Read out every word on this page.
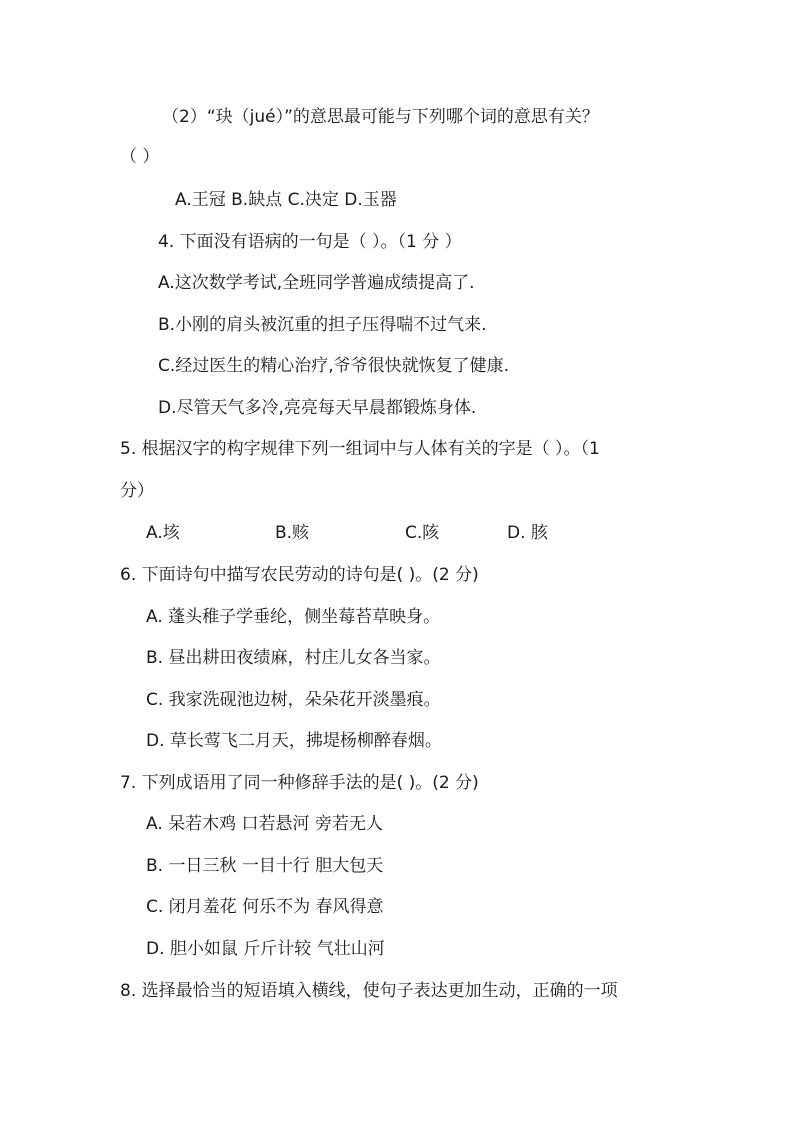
（2）“玦（jué）”的意思最可能与下列哪个词的意思有关？
（ ）
A.王冠 B.缺点 C.决定 D.玉器
4. 下面没有语病的一句是（ ）。（1 分 ）
A.这次数学考试,全班同学普遍成绩提高了.
B.小刚的肩头被沉重的担子压得喘不过气来.
C.经过医生的精心治疗,爷爷很快就恢复了健康.
D.尽管天气多冷,亮亮每天早晨都锻炼身体.
5. 根据汉字的构字规律下列一组词中与人体有关的字是（ ）。（1
分）
A.垓	B.赅	C.陔	D. 胲
6. 下面诗句中描写农民劳动的诗句是( )。(2 分)
A. 蓬头稚子学垂纶，侧坐莓苔草映身。
B. 昼出耕田夜绩麻，村庄儿女各当家。
C. 我家洗砚池边树，朵朵花开淡墨痕。
D. 草长莺飞二月天，拂堤杨柳醉春烟。
7. 下列成语用了同一种修辞手法的是( )。(2 分)
A. 呆若木鸡 口若悬河 旁若无人
B. 一日三秋 一目十行 胆大包天
C. 闭月羞花 何乐不为 春风得意
D. 胆小如鼠 斤斤计较 气壮山河
8. 选择最恰当的短语填入横线，使句子表达更加生动，正确的一项
